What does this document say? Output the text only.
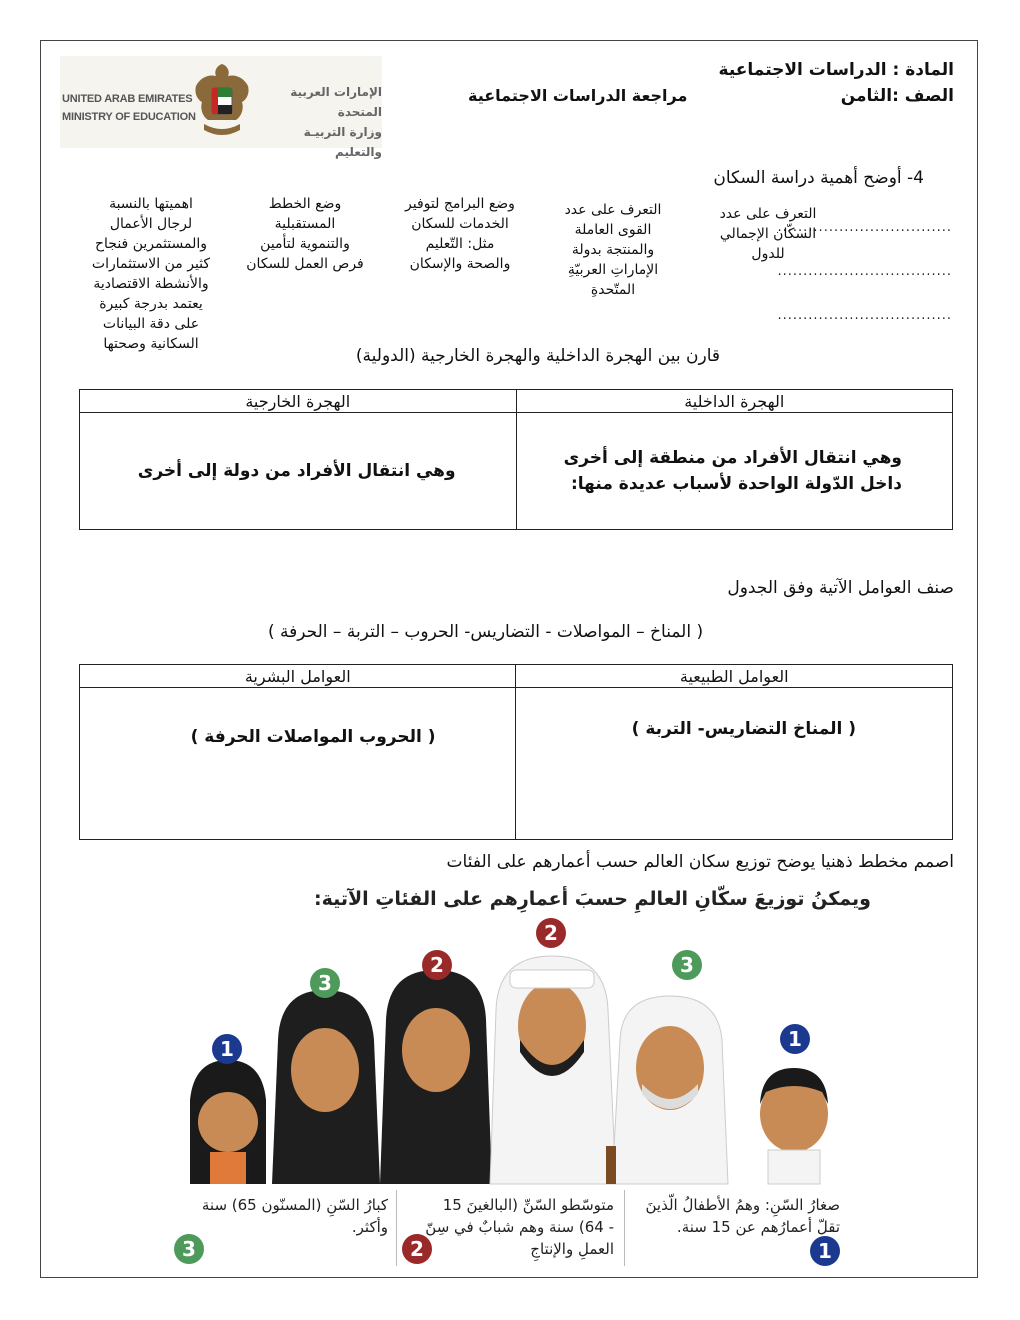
UNITED ARAB EMIRATES
MINISTRY OF EDUCATION
الإمارات العربية المتحدة
وزارة التربيـة والتعليم
المادة : الدراسات الاجتماعية
الصف :الثامن
مراجعة الدراسات الاجتماعية
4- أوضح أهمية دراسة السكان
..................................
..................................
..................................
التعرف على عدد
السكّان الإجمالي
للدول
التعرف على عدد
القوى العاملة
والمنتجة بدولة
الإماراتِ العربيّةِ
المتّحدةِ
وضع البرامج لتوفير
الخدمات للسكان
مثل: التّعليم
والصحة والإسكان
وضع الخطط
المستقبلية
والتنموية لتأمين
فرص العمل للسكان
اهميتها بالنسبة
لرجال الأعمال
والمستثمرين فنجاح
كثير من الاستثمارات
والأنشطة الاقتصادية
يعتمد بدرجة كبيرة
على دقة البيانات
السكانية وصحتها
قارن بين الهجرة الداخلية والهجرة الخارجية (الدولية)
الهجرة الداخلية	الهجرة الخارجية

وهي انتقال الأفراد من منطقة إلى أخرى
داخل الدّولة الواحدة لأسباب عديدة منها:	وهي انتقال الأفراد من دولة إلى أخرى
صنف العوامل الآتية وفق الجدول
( المناخ – المواصلات - التضاريس- الحروب – التربة – الحرفة )
العوامل الطبيعية	العوامل البشرية

( المناخ التضاريس- التربة )	( الحروب المواصلات الحرفة )
اصمم مخطط ذهنيا يوضح توزيع سكان العالم حسب أعمارهم على الفئات
ويمكنُ توزيعَ سكّانِ العالمِ حسبَ أعمارِهم على الفئاتِ الآتية:
1
3
2
2
3
1
صغارُ السّنِ: وهمُ الأطفالُ الّذينَ
تقلّ أعمارُهم عن 15 سنة.
1
متوسّطو السّنِّ (البالغينَ 15
- 64) سنة وهم شبابٌ في سِنّ
العملِ والإنتاجِ
2
كبارُ السّنِ (المسنّون 65) سنة
وأكثر.
3
